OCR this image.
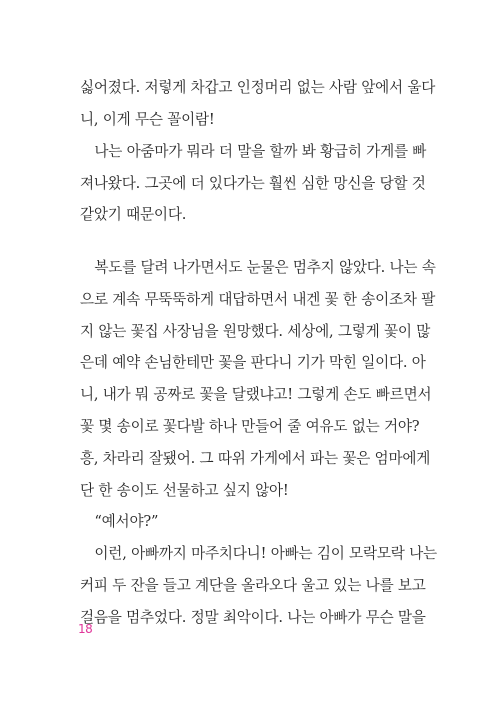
싫어졌다. 저렇게 차갑고 인정머리 없는 사람 앞에서 울다
니, 이게 무슨 꼴이람!
　나는 아줌마가 뭐라 더 말을 할까 봐 황급히 가게를 빠
져나왔다. 그곳에 더 있다가는 훨씬 심한 망신을 당할 것
같았기 때문이다.
　복도를 달려 나가면서도 눈물은 멈추지 않았다. 나는 속
으로 계속 무뚝뚝하게 대답하면서 내겐 꽃 한 송이조차 팔
지 않는 꽃집 사장님을 원망했다. 세상에, 그렇게 꽃이 많
은데 예약 손님한테만 꽃을 판다니 기가 막힌 일이다. 아
니, 내가 뭐 공짜로 꽃을 달랬냐고! 그렇게 손도 빠르면서
꽃 몇 송이로 꽃다발 하나 만들어 줄 여유도 없는 거야?
흥, 차라리 잘됐어. 그 따위 가게에서 파는 꽃은 엄마에게
단 한 송이도 선물하고 싶지 않아!
　“예서야?”
　이런, 아빠까지 마주치다니! 아빠는 김이 모락모락 나는
커피 두 잔을 들고 계단을 올라오다 울고 있는 나를 보고
걸음을 멈추었다. 정말 최악이다. 나는 아빠가 무슨 말을
18
